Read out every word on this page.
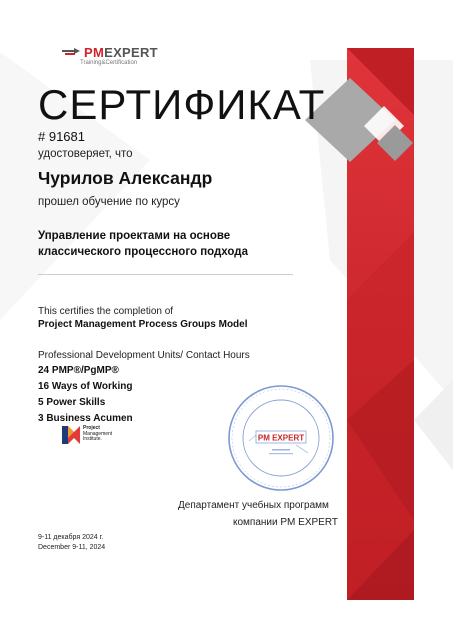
PMEXPERT
Training&Certification
СЕРТИФИКАТ
# 91681
удостоверяет, что
Чурилов Александр
прошел обучение по курсу
Управление проектами на основе классического процессного подхода
This certifies the completion of
Project Management Process Groups Model
Professional Development Units/ Contact Hours
24 PMP®/PgMP®
16 Ways of Working
5 Power Skills
3 Business Acumen
Project
Management
Institute.	PM EXPERT
Департамент учебных программ
компании PM EXPERT
9-11 декабря 2024 г.
December 9-11, 2024
